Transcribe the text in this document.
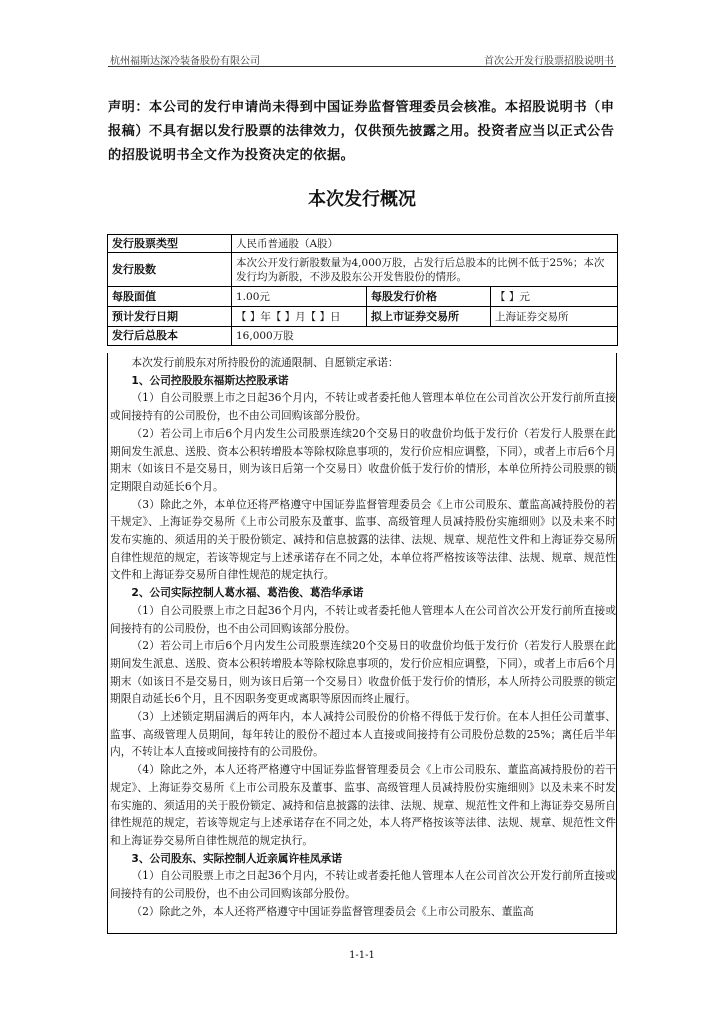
杭州福斯达深冷装备股份有限公司	首次公开发行股票招股说明书
声明：本公司的发行申请尚未得到中国证券监督管理委员会核准。本招股说明书（申报稿）不具有据以发行股票的法律效力，仅供预先披露之用。投资者应当以正式公告的招股说明书全文作为投资决定的依据。
本次发行概况
发行股票类型	人民币普通股（A股）		
发行股数	本次公开发行新股数量为4,000万股，占发行后总股本的比例不低于25%；本次发行均为新股，不涉及股东公开发售股份的情形。		
每股面值	1.00元	每股发行价格	【 】元
预计发行日期	【 】年【 】月【 】日	拟上市证券交易所	上海证券交易所
发行后总股本	16,000万股		

本次发行前股东对所持股份的流通限制、自愿锁定承诺：

1、公司控股股东福斯达控股承诺

（1）自公司股票上市之日起36个月内，不转让或者委托他人管理本单位在公司首次公开发行前所直接或间接持有的公司股份，也不由公司回购该部分股份。

（2）若公司上市后6个月内发生公司股票连续20个交易日的收盘价均低于发行价（若发行人股票在此期间发生派息、送股、资本公积转增股本等除权除息事项的，发行价应相应调整，下同），或者上市后6个月期末（如该日不是交易日，则为该日后第一个交易日）收盘价低于发行价的情形，本单位所持公司股票的锁定期限自动延长6个月。

（3）除此之外，本单位还将严格遵守中国证券监督管理委员会《上市公司股东、董监高减持股份的若干规定》、上海证券交易所《上市公司股东及董事、监事、高级管理人员减持股份实施细则》以及未来不时发布实施的、须适用的关于股份锁定、减持和信息披露的法律、法规、规章、规范性文件和上海证券交易所自律性规范的规定，若该等规定与上述承诺存在不同之处，本单位将严格按该等法律、法规、规章、规范性文件和上海证券交易所自律性规范的规定执行。

2、公司实际控制人葛水福、葛浩俊、葛浩华承诺

（1）自公司股票上市之日起36个月内，不转让或者委托他人管理本人在公司首次公开发行前所直接或间接持有的公司股份，也不由公司回购该部分股份。

（2）若公司上市后6个月内发生公司股票连续20个交易日的收盘价均低于发行价（若发行人股票在此期间发生派息、送股、资本公积转增股本等除权除息事项的，发行价应相应调整，下同），或者上市后6个月期末（如该日不是交易日，则为该日后第一个交易日）收盘价低于发行价的情形，本人所持公司股票的锁定期限自动延长6个月，且不因职务变更或离职等原因而终止履行。

（3）上述锁定期届满后的两年内，本人减持公司股份的价格不得低于发行价。在本人担任公司董事、监事、高级管理人员期间，每年转让的股份不超过本人直接或间接持有公司股份总数的25%；离任后半年内，不转让本人直接或间接持有的公司股份。

（4）除此之外，本人还将严格遵守中国证券监督管理委员会《上市公司股东、董监高减持股份的若干规定》、上海证券交易所《上市公司股东及董事、监事、高级管理人员减持股份实施细则》以及未来不时发布实施的、须适用的关于股份锁定、减持和信息披露的法律、法规、规章、规范性文件和上海证券交易所自律性规范的规定，若该等规定与上述承诺存在不同之处，本人将严格按该等法律、法规、规章、规范性文件和上海证券交易所自律性规范的规定执行。

3、公司股东、实际控制人近亲属许桂凤承诺

（1）自公司股票上市之日起36个月内，不转让或者委托他人管理本人在公司首次公开发行前所直接或间接持有的公司股份，也不由公司回购该部分股份。

（2）除此之外，本人还将严格遵守中国证券监督管理委员会《上市公司股东、董监高

1-1-1
